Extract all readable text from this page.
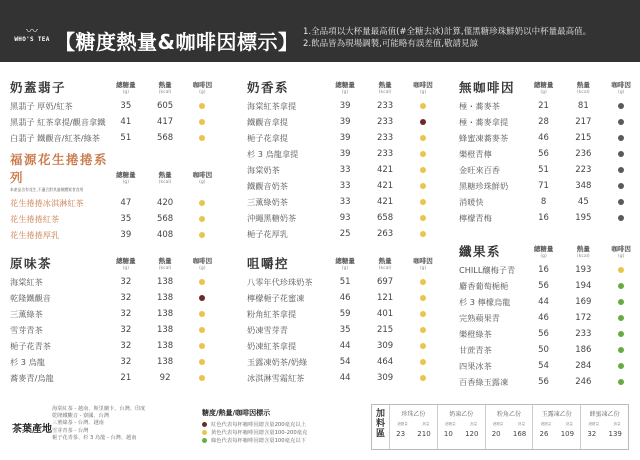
〰
WHO'S TEA 【糖度熱量&咖啡因標示】 1.全品項以大杯量最高值(#全糖去冰)計算,僅黑糖珍珠鮮奶以中杯量最高值。
2.飲品皆為現場調製,可能略有誤差值,敬請見諒
奶蓋翡子	總糖量
(g)
熱量
(kcal)
咖啡因
(g)
黑翡子 厚奶/紅茶	35	605
黑翡子 紅茶拿提/觀音拿鐵	41	417
白翡子 鐵觀音/紅茶/綠茶	51	568
福源花生捲捲系列	總糖量
(g)
熱量
(kcal)
咖啡因
(g)
本產品含有花生,不適合對其過敏體質者食用
花生捲捲冰淇淋紅茶	47	420
花生捲捲紅茶	35	568
花生捲捲厚乳	39	408
原味茶	總糖量
(g)
熱量
(kcal)
咖啡因
(g)
海棠紅茶	32	138
乾隆鐵觀音	32	138
三薰綠茶	32	138
雪芽青茶	32	138
梔子花青茶	32	138
杉 3 烏龍	32	138
蕎麥青/烏龍	21	92
奶香系	總糖量
(g)
熱量
(kcal)
咖啡因
(g)
海棠紅茶拿提	39	233
鐵觀音拿提	39	233
梔子花拿提	39	233
杉 3 烏龍拿提	39	233
海棠奶茶	33	421
鐵觀音奶茶	33	421
三薰綠奶茶	33	421
沖繩黑糖奶茶	93	658
梔子花厚乳	25	263
咀嚼控	總糖量
(g)
熱量
(kcal)
咖啡因
(g)
八零年代珍珠奶茶	51	697
檸檬梔子花蜜凍	46	121
粉角紅茶拿提	59	401
奶凍雪芽青	35	215
奶凍紅茶拿提	44	309
玉露凍奶茶/奶綠	54	464
冰淇淋雪霜紅茶	44	309
無咖啡因	總糖量
(g)
熱量
(kcal)
咖啡因
(g)
極・蕎麥茶	21	81
極・蕎麥拿提	28	217
蜂蜜凍蕎麥茶	46	215
樂橙青檸	56	236
金旺來百香	51	223
黑糖珍珠鮮奶	71	348
消暖快	8	45
檸檬青梅	16	195
纖果系	總糖量
(g)
熱量
(kcal)
咖啡因
(g)
CHILL釀梅子青	16	193
麝香葡萄梔梔	56	194
杉 3 檸檬烏龍	44	169
完熟蘋果青	46	172
樂橙綠茶	56	233
甘蔗青茶	50	186
四果冰茶	54	284
百香綠玉露凍	56	246
茶葉產地
海棠紅茶 - 越南、斯里蘭卡、台灣、印度
乾隆鐵觀音 - 寮國、台灣
三薰綠茶 - 台灣、越南
雪芽青茶 - 台灣
梔子花青茶、杉 3 烏龍 - 台灣、越南
糖度/熱量/咖啡因標示
紅色代表每杯咖啡因總含量200毫克以上
黃色代表每杯咖啡因總含量100-200毫克
綠色代表每杯咖啡因總含量100毫克以下
加
料
區
珍珠乙份
總糖量	熱量
23 210
奶凍乙份
總糖量	熱量
10 120
粉角乙份
總糖量	熱量
20 168
玉露凍乙份
總糖量	熱量
26 109
蜂蜜凍乙份
總糖量	熱量
32 139
